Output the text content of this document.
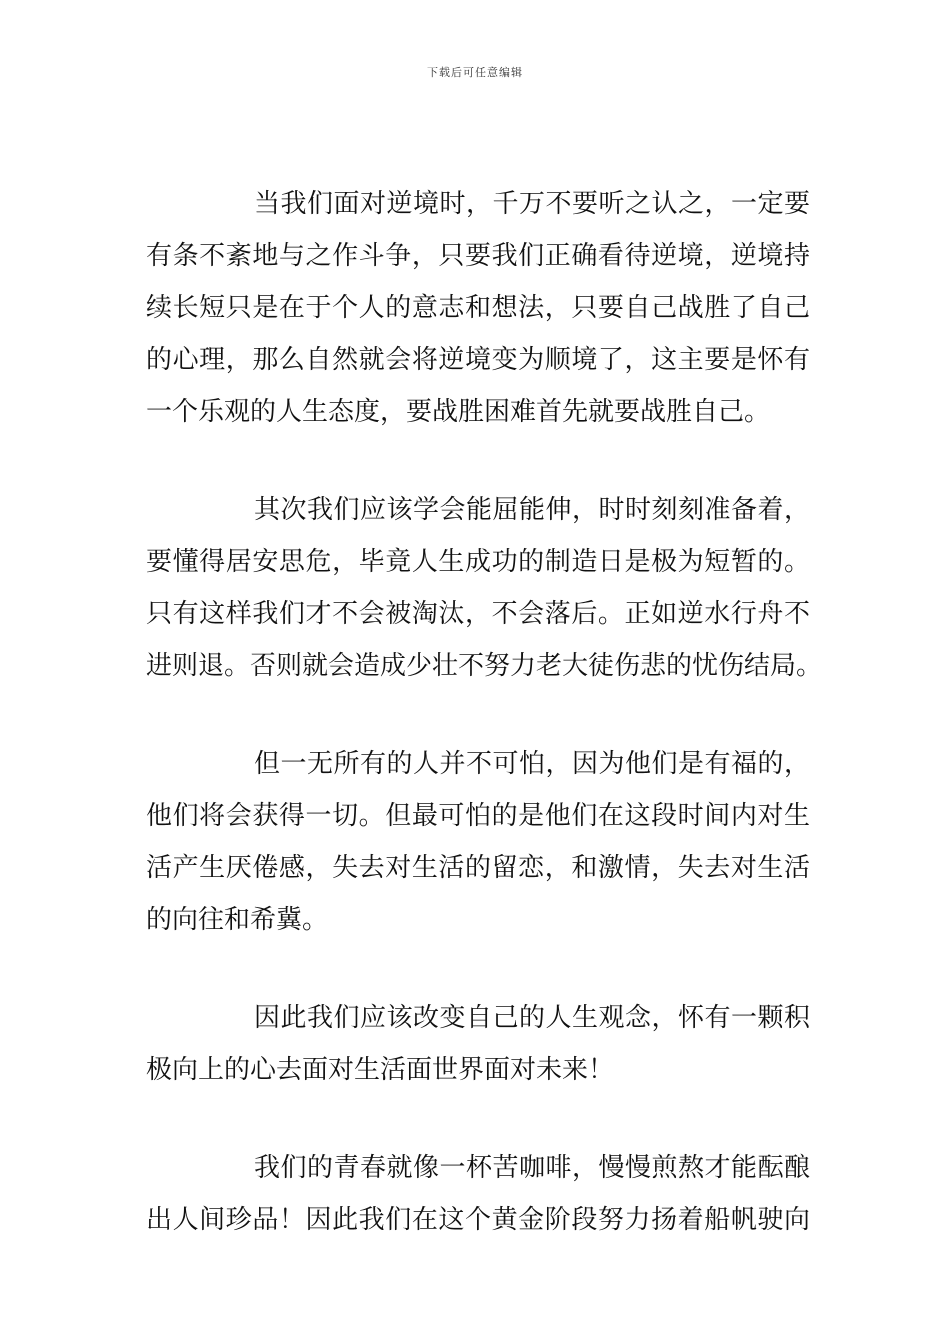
下载后可任意编辑
当我们面对逆境时，千万不要听之认之，一定要
有条不紊地与之作斗争，只要我们正确看待逆境，逆境持
续长短只是在于个人的意志和想法，只要自己战胜了自己
的心理，那么自然就会将逆境变为顺境了，这主要是怀有
一个乐观的人生态度，要战胜困难首先就要战胜自己。
其次我们应该学会能屈能伸，时时刻刻准备着，
要懂得居安思危，毕竟人生成功的制造日是极为短暂的。
只有这样我们才不会被淘汰，不会落后。正如逆水行舟不
进则退。否则就会造成少壮不努力老大徒伤悲的忧伤结局。
但一无所有的人并不可怕，因为他们是有福的，
他们将会获得一切。但最可怕的是他们在这段时间内对生
活产生厌倦感，失去对生活的留恋，和激情，失去对生活
的向往和希冀。
因此我们应该改变自己的人生观念，怀有一颗积
极向上的心去面对生活面世界面对未来！
我们的青春就像一杯苦咖啡，慢慢煎熬才能酝酿
出人间珍品！因此我们在这个黄金阶段努力扬着船帆驶向
